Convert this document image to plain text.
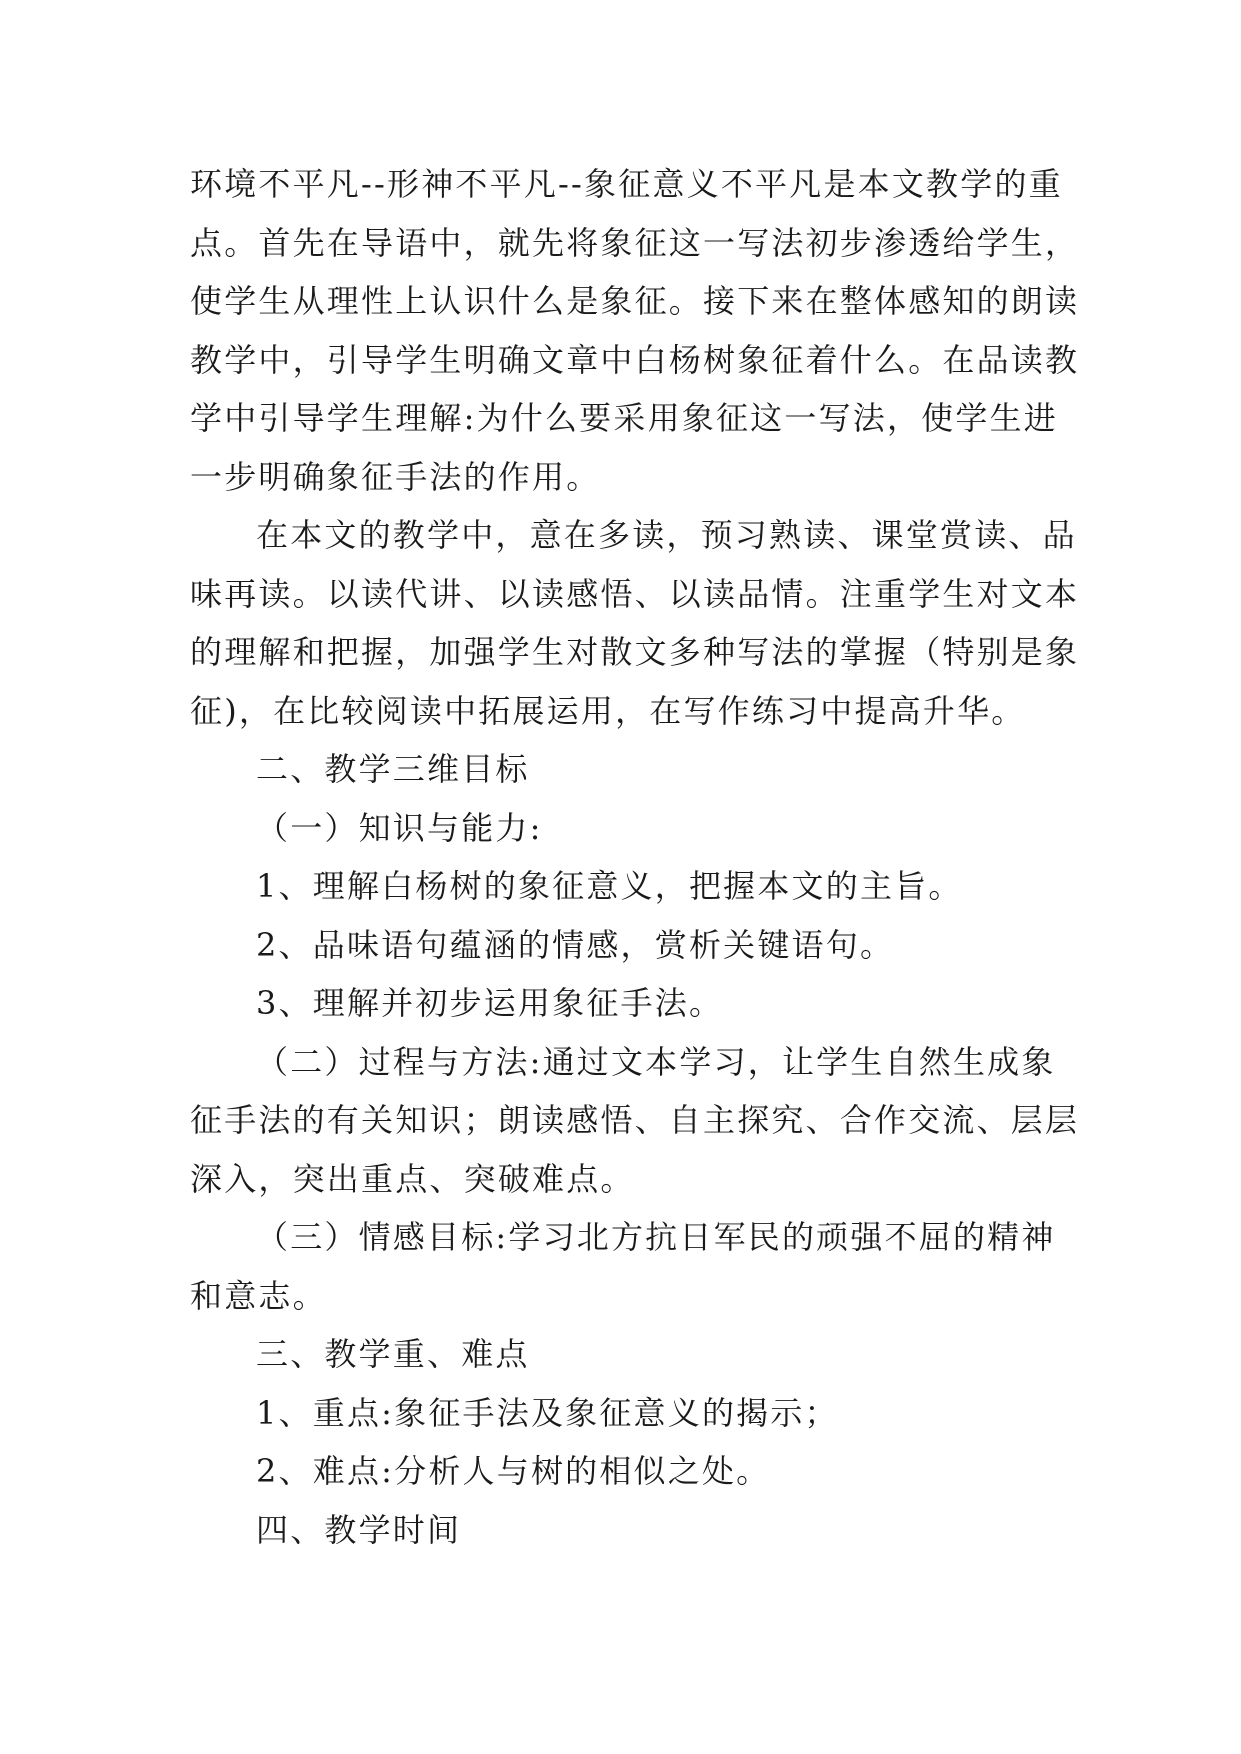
环境不平凡--形神不平凡--象征意义不平凡是本文教学的重
点。首先在导语中，就先将象征这一写法初步渗透给学生，
使学生从理性上认识什么是象征。接下来在整体感知的朗读
教学中，引导学生明确文章中白杨树象征着什么。在品读教
学中引导学生理解:为什么要采用象征这一写法，使学生进
一步明确象征手法的作用。
在本文的教学中，意在多读，预习熟读、课堂赏读、品
味再读。以读代讲、以读感悟、以读品情。注重学生对文本
的理解和把握，加强学生对散文多种写法的掌握（特别是象
征)，在比较阅读中拓展运用，在写作练习中提高升华。
二、教学三维目标
（一）知识与能力:
1、理解白杨树的象征意义，把握本文的主旨。
2、品味语句蕴涵的情感，赏析关键语句。
3、理解并初步运用象征手法。
（二）过程与方法:通过文本学习，让学生自然生成象
征手法的有关知识；朗读感悟、自主探究、合作交流、层层
深入，突出重点、突破难点。
（三）情感目标:学习北方抗日军民的顽强不屈的精神
和意志。
三、教学重、难点
1、重点:象征手法及象征意义的揭示；
2、难点:分析人与树的相似之处。
四、教学时间
